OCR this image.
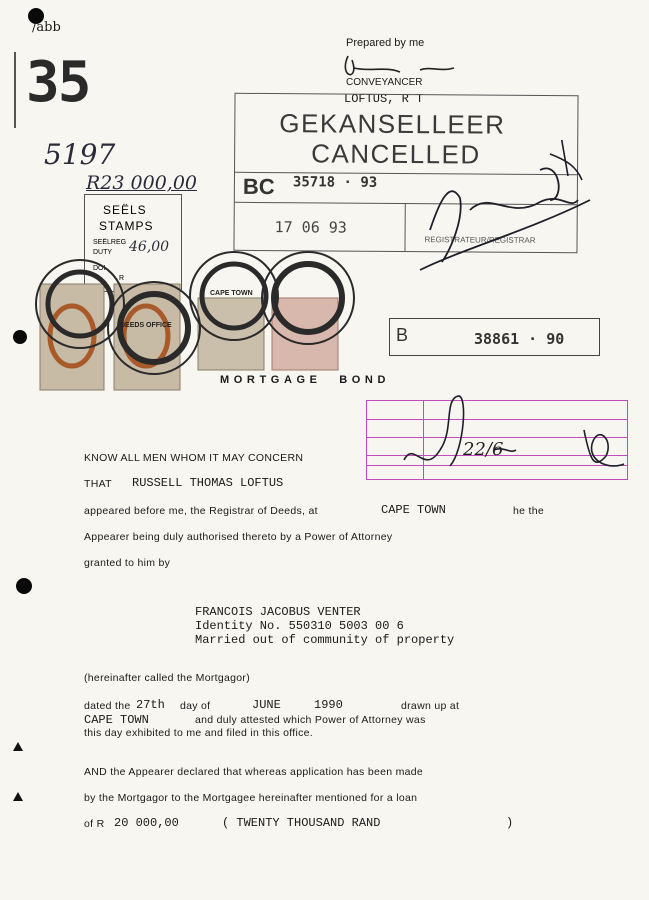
/abb
35
5197
R23 000,00
Prepared by me
CONVEYANCER
LOFTUS, R T
GEKANSELLEER
CANCELLED
BC 35718 · 93
17 06 93
REGISTRATEUR/REGISTRAR
SEËLS
STAMPS
SEËLREG
DUTY
DOI
R
46,00
DEEDS OFFICE
CAPE TOWN
B	38861 · 90
MORTGAGE BOND
22/6
KNOW ALL MEN WHOM IT MAY CONCERN
THAT RUSSELL THOMAS LOFTUS
appeared before me, the Registrar of Deeds, at	CAPE TOWN	he the
Appearer being duly authorised thereto by a Power of Attorney
granted to him by
FRANCOIS JACOBUS VENTER
Identity No. 550310 5003 00 6
Married out of community of property
(hereinafter called the Mortgagor)
dated the 27th day of	JUNE	1990	drawn up at
CAPE TOWN	and duly attested which Power of Attorney was
this day exhibited to me and filed in this office.
AND the Appearer declared that whereas application has been made
by the Mortgagor to the Mortgagee hereinafter mentioned for a loan
of R 20 000,00	( TWENTY THOUSAND RAND	)
